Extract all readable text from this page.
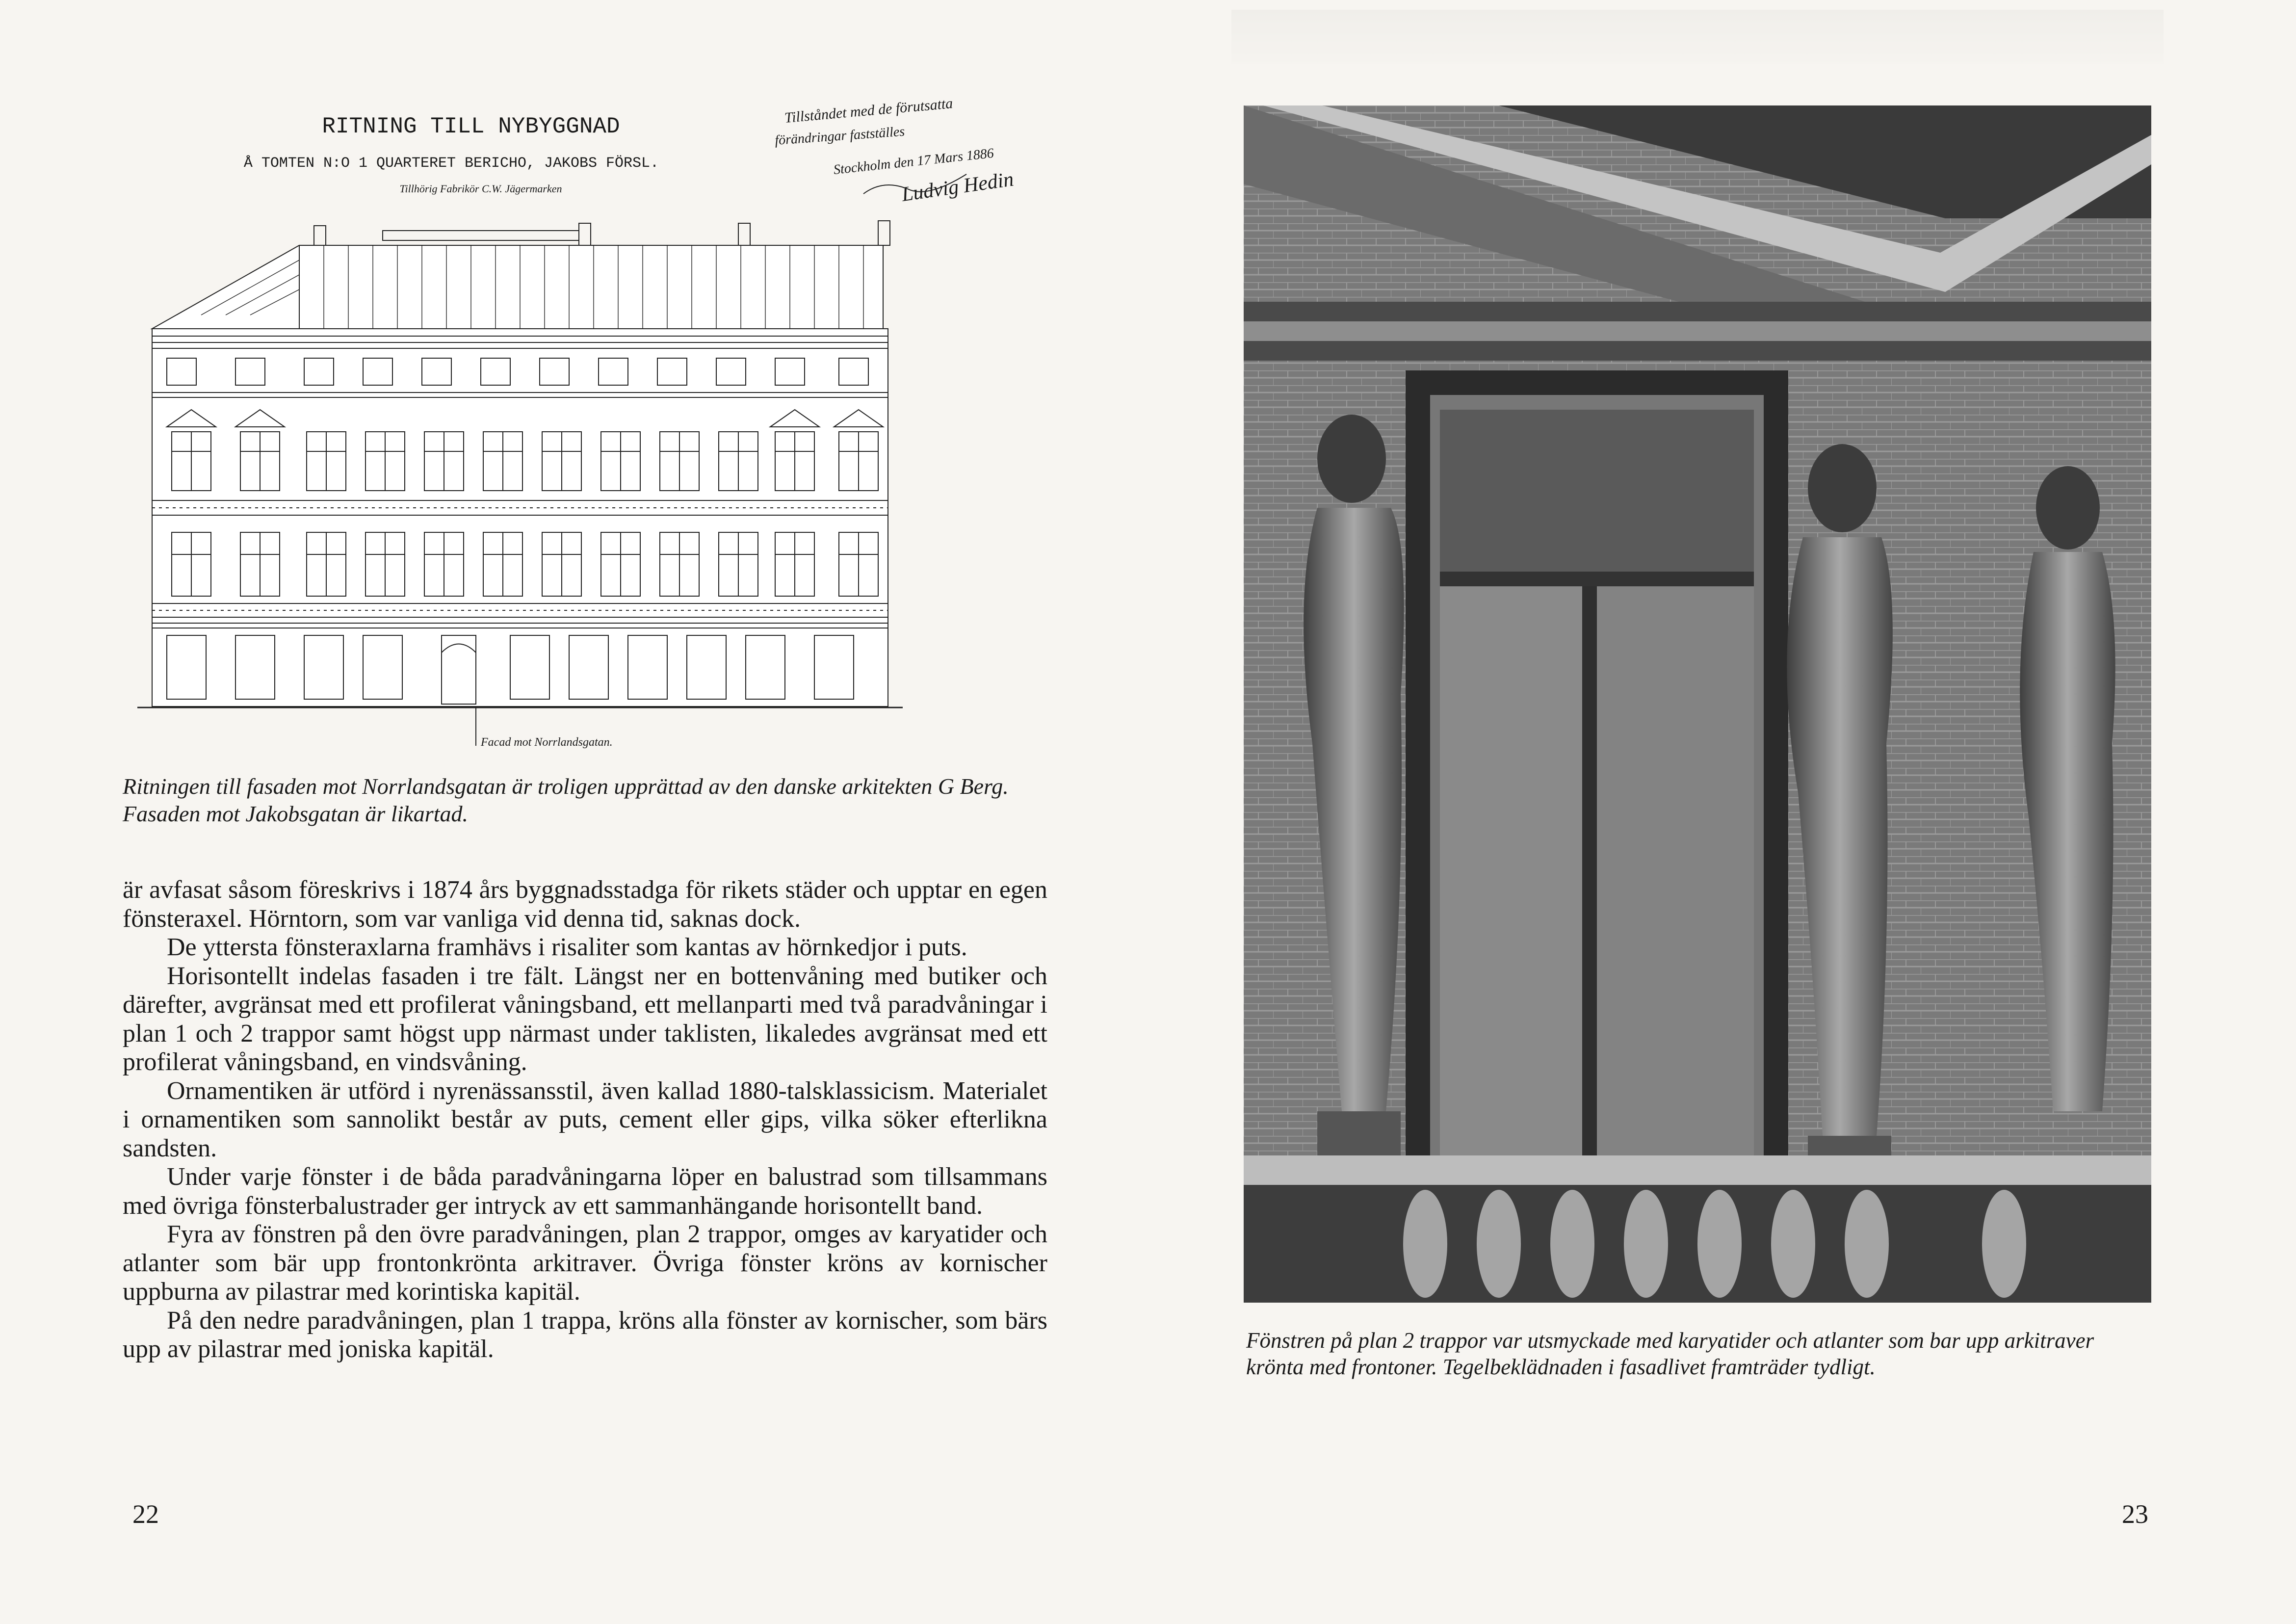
RITNING TILL NYBYGGNAD
Å TOMTEN N:O 1 QUARTERET BERICHO, JAKOBS FÖRSL.
Tillhörig Fabrikör C.W. Jägermarken
Tillståndet med de förutsatta
förändringar fastställes
Stockholm den 17 Mars 1886
Ludvig Hedin
Facad mot Norrlandsgatan.
Ritningen till fasaden mot Norrlandsgatan är troligen upprättad av den danske arkitekten G Berg. Fasaden mot Jakobsgatan är likartad.

är avfasat såsom föreskrivs i 1874 års byggnadsstadga för rikets städer och upptar en egen fönsteraxel. Hörntorn, som var vanliga vid denna tid, saknas dock.

De yttersta fönsteraxlarna framhävs i risaliter som kantas av hörnkedjor i puts.

Horisontellt indelas fasaden i tre fält. Längst ner en bottenvåning med butiker och därefter, avgränsat med ett profilerat våningsband, ett mellanparti med två paradvåningar i plan 1 och 2 trappor samt högst upp närmast under taklisten, likaledes avgränsat med ett profilerat våningsband, en vindsvåning.

Ornamentiken är utförd i nyrenässansstil, även kallad 1880-talsklassicism. Materialet i ornamentiken som sannolikt består av puts, cement eller gips, vilka söker efterlikna sandsten.

Under varje fönster i de båda paradvåningarna löper en balustrad som tillsammans med övriga fönsterbalustrader ger intryck av ett sammanhängande horisontellt band.

Fyra av fönstren på den övre paradvåningen, plan 2 trappor, omges av karyatider och atlanter som bär upp frontonkrönta arkitraver. Övriga fönster kröns av kornischer uppburna av pilastrar med korintiska kapitäl.

På den nedre paradvåningen, plan 1 trappa, kröns alla fönster av kornischer, som bärs upp av pilastrar med joniska kapitäl.

22	23
Fönstren på plan 2 trappor var utsmyckade med karyatider och atlanter som bar upp arkitraver krönta med frontoner. Tegelbeklädnaden i fasadlivet framträder tydligt.
